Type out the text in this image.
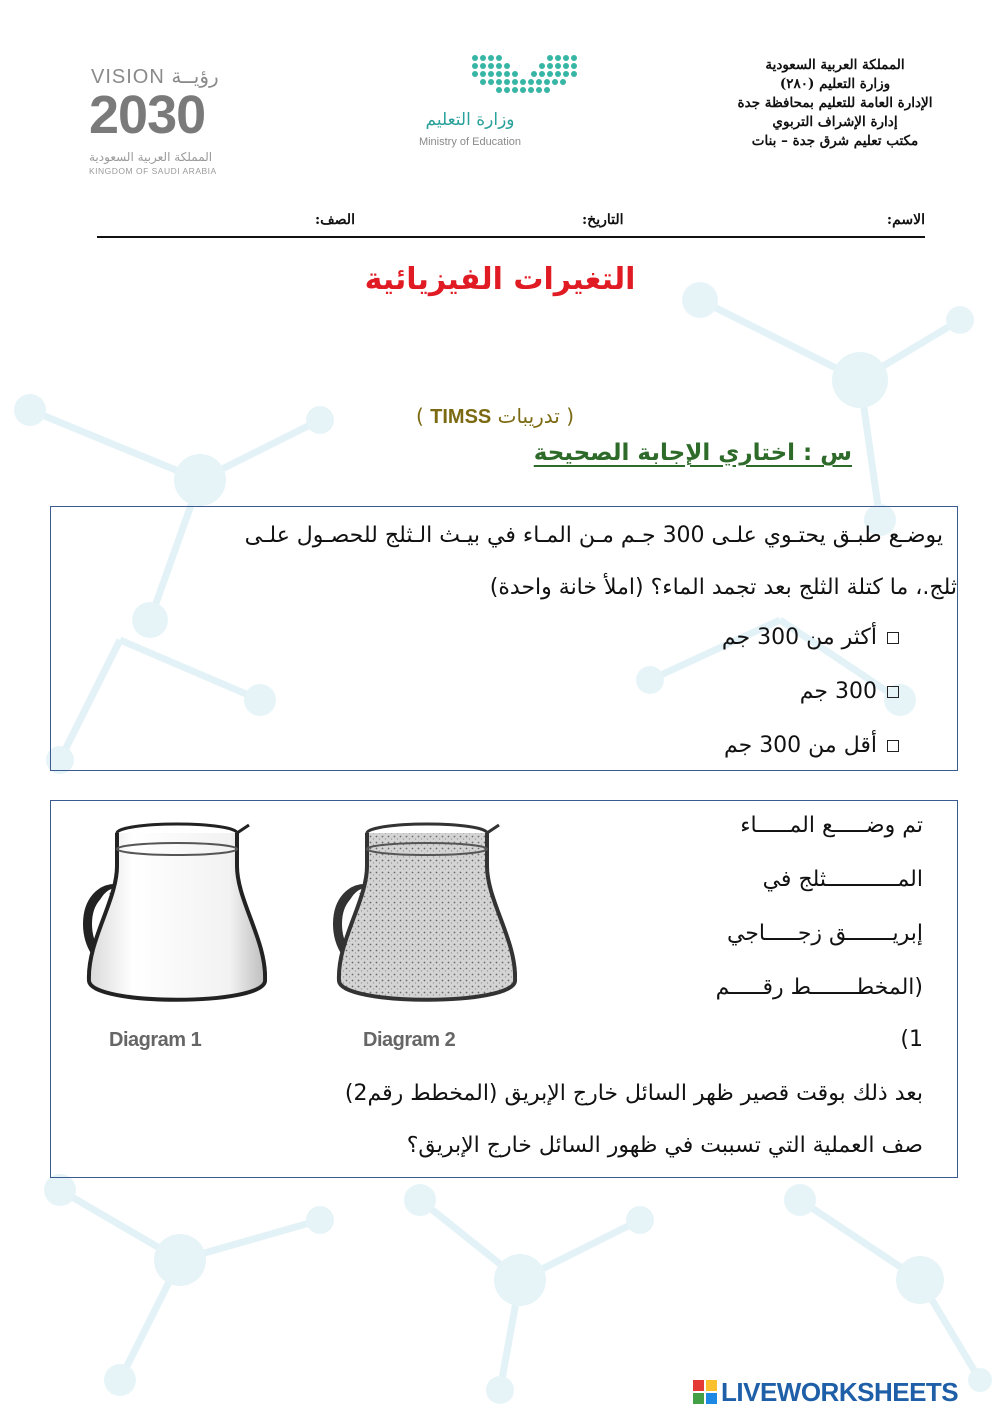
المملكة العربية السعودية
وزارة التعليم (٢٨٠)
الإدارة العامة للتعليم بمحافظة جدة
إدارة الإشراف التربوي
مكتب تعليم شرق جدة – بنات
وزارة التعليم
Ministry of Education
VISION رؤيــة
2030
المملكة العربية السعودية
KINGDOM OF SAUDI ARABIA
الاسم:
التاريخ:
الصف:
التغيرات الفيزيائية
( تدريبات TIMSS )
س : اختاري الإجابة الصحيحة
يوضـع طبـق يحتـوي علـى 300 جـم مـن المـاء في بيـث الـثلج للحصـول علـى
ثلج.، ما كتلة الثلج بعد تجمد الماء؟ (املأ خانة واحدة)
أكثر من 300 جم
300 جم
أقل من 300 جم
Diagram 1	Diagram 2
تم وضـــــع المـــــاء
المـــــــــــثلج في
إبريـــــــق زجـــــاجي
(المخطـــــــط رقـــــم
1)
بعد ذلك بوقت قصير ظهر السائل خارج الإبريق (المخطط رقم2)
صف العملية التي تسببت في ظهور السائل خارج الإبريق؟
LIVEWORKSHEETS
